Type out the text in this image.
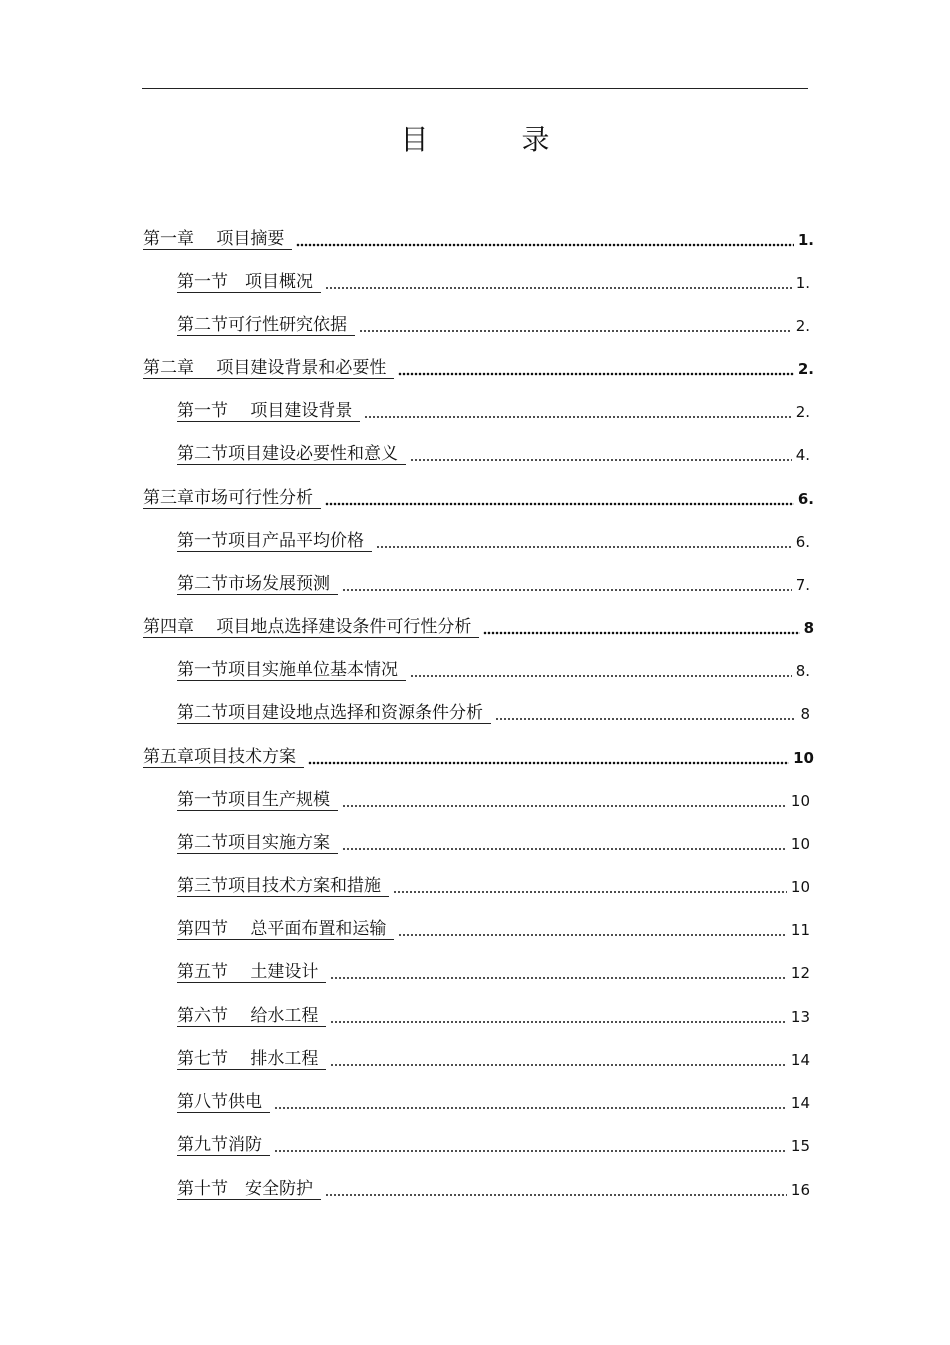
目 录
第一章　 项目摘要	1.
第一节　项目概况	1.
第二节可行性研究依据	2.
第二章　 项目建设背景和必要性	2.
第一节　 项目建设背景	2.
第二节项目建设必要性和意义	4.
第三章市场可行性分析	6.
第一节项目产品平均价格	6.
第二节市场发展预测	7.
第四章　 项目地点选择建设条件可行性分析	8
第一节项目实施单位基本情况	8.
第二节项目建设地点选择和资源条件分析	8
第五章项目技术方案	10
第一节项目生产规模	10
第二节项目实施方案	10
第三节项目技术方案和措施	10
第四节　 总平面布置和运输	11
第五节　 土建设计	12
第六节　 给水工程	13
第七节　 排水工程	14
第八节供电	14
第九节消防	15
第十节　安全防护	16
